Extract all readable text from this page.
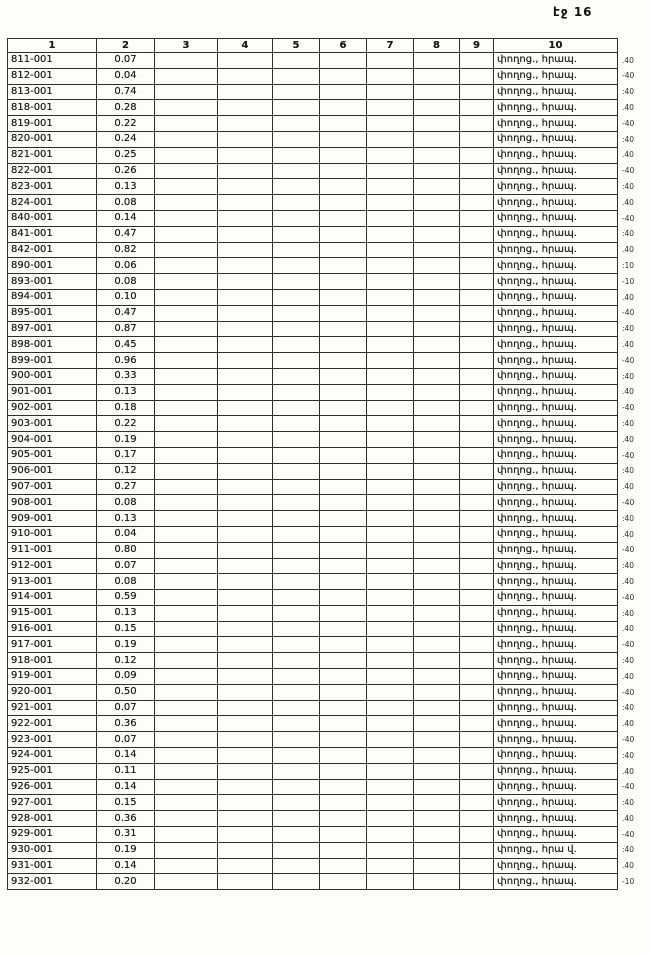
էջ 16
1	2	3	4	5	6	7	8	9	10	
811-001	0.07								փողոց., հրապ.	.40
812-001	0.04								փողոց., հրապ.	-40
813-001	0.74								փողոց., հրապ.	:40
818-001	0.28								փողոց., հրապ.	.40
819-001	0.22								փողոց., հրապ.	-40
820-001	0.24								փողոց., հրապ.	:40
821-001	0.25								փողոց., հրապ.	.40
822-001	0.26								փողոց., հրապ.	-40
823-001	0.13								փողոց., հրապ.	:40
824-001	0.08								փողոց., հրապ.	.40
840-001	0.14								փողոց., հրապ.	-40
841-001	0.47								փողոց., հրապ.	:40
842-001	0.82								փողոց., հրապ.	.40
890-001	0.06								փողոց., հրապ.	:10
893-001	0.08								փողոց., հրապ.	-10
894-001	0.10								փողոց., հրապ.	.40
895-001	0.47								փողոց., հրապ.	-40
897-001	0.87								փողոց., հրապ.	:40
898-001	0.45								փողոց., հրապ.	.40
899-001	0.96								փողոց., հրապ.	-40
900-001	0.33								փողոց., հրապ.	:40
901-001	0.13								փողոց., հրապ.	.40
902-001	0.18								փողոց., հրապ.	-40
903-001	0.22								փողոց., հրապ.	:40
904-001	0.19								փողոց., հրապ.	.40
905-001	0.17								փողոց., հրապ.	-40
906-001	0.12								փողոց., հրապ.	:40
907-001	0.27								փողոց., հրապ.	.40
908-001	0.08								փողոց., հրապ.	-40
909-001	0.13								փողոց., հրապ.	:40
910-001	0.04								փողոց., հրապ.	.40
911-001	0.80								փողոց., հրապ.	-40
912-001	0.07								փողոց., հրապ.	:40
913-001	0.08								փողոց., հրապ.	.40
914-001	0.59								փողոց., հրապ.	-40
915-001	0.13								փողոց., հրապ.	:40
916-001	0.15								փողոց., հրապ.	.40
917-001	0.19								փողոց., հրապ.	-40
918-001	0.12								փողոց., հրապ.	:40
919-001	0.09								փողոց., հրապ.	.40
920-001	0.50								փողոց., հրապ.	-40
921-001	0.07								փողոց., հրապ.	:40
922-001	0.36								փողոց., հրապ.	.40
923-001	0.07								փողոց., հրապ.	-40
924-001	0.14								փողոց., հրապ.	:40
925-001	0.11								փողոց., հրապ.	.40
926-001	0.14								փողոց., հրապ.	-40
927-001	0.15								փողոց., հրապ.	:40
928-001	0.36								փողոց., հրապ.	.40
929-001	0.31								փողոց., հրապ.	-40
930-001	0.19								փողոց., հրա վ.	:40
931-001	0.14								փողոց., հրապ.	.40
932-001	0.20								փողոց., հրապ.	-10
